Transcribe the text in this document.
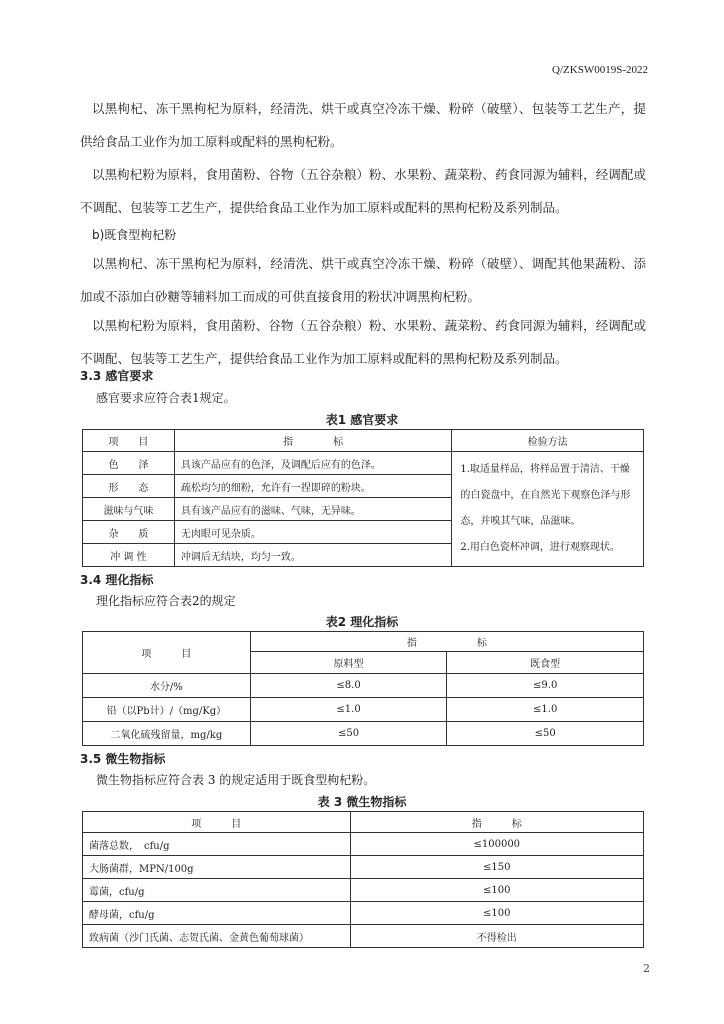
Q/ZKSW0019S-2022

以黑枸杞、冻干黑枸杞为原料，经清洗、烘干或真空冷冻干燥、粉碎（破壁）、包装等工艺生产，提供给食品工业作为加工原料或配料的黑枸杞粉。

以黑枸杞粉为原料，食用菌粉、谷物（五谷杂粮）粉、水果粉、蔬菜粉、药食同源为辅料，经调配或不调配、包装等工艺生产，提供给食品工业作为加工原料或配料的黑枸杞粉及系列制品。

b)既食型枸杞粉

以黑枸杞、冻干黑枸杞为原料，经清洗、烘干或真空冷冻干燥、粉碎（破壁）、调配其他果蔬粉、添加或不添加白砂糖等辅料加工而成的可供直接食用的粉状冲调黑枸杞粉。

以黑枸杞粉为原料，食用菌粉、谷物（五谷杂粮）粉、水果粉、蔬菜粉、药食同源为辅料，经调配或不调配、包装等工艺生产，提供给食品工业作为加工原料或配料的黑枸杞粉及系列制品。

3.3 感官要求
感官要求应符合表1规定。
表1 感官要求
项　　目	指　　　　标	检验方法
色　　泽	具该产品应有的色泽，及调配后应有的色泽。	1.取适量样品，将样品置于清洁、干燥的白瓷盘中，在自然光下观察色泽与形态，并嗅其气味，品滋味。
2.用白色瓷杯冲调，进行观察现状。

形　　态	疏松均匀的细粉，允许有一捏即碎的粉块。	
滋味与气味	具有该产品应有的滋味、气味，无异味。	
杂　　质	无肉眼可见杂质。	
冲 调 性	冲调后无结块，均匀一致。	
3.4 理化指标
理化指标应符合表2的规定
表2 理化指标
项　　　目	指　　　　　　标	
	原料型	既食型
水分/%	≤8.0	≤9.0
铅（以Pb计）/（mg/Kg）	≤1.0	≤1.0
二氧化硫残留量，mg/kg	≤50	≤50
3.5 微生物指标
微生物指标应符合表 3 的规定适用于既食型枸杞粉。
表 3 微生物指标
项　　　目	指　　　标
菌落总数，　cfu/g	≤100000
大肠菌群，MPN/100g	≤150
霉菌，cfu/g	≤100
酵母菌，cfu/g	≤100
致病菌（沙门氏菌、志贺氏菌、金黄色葡萄球菌）	不得检出
2
